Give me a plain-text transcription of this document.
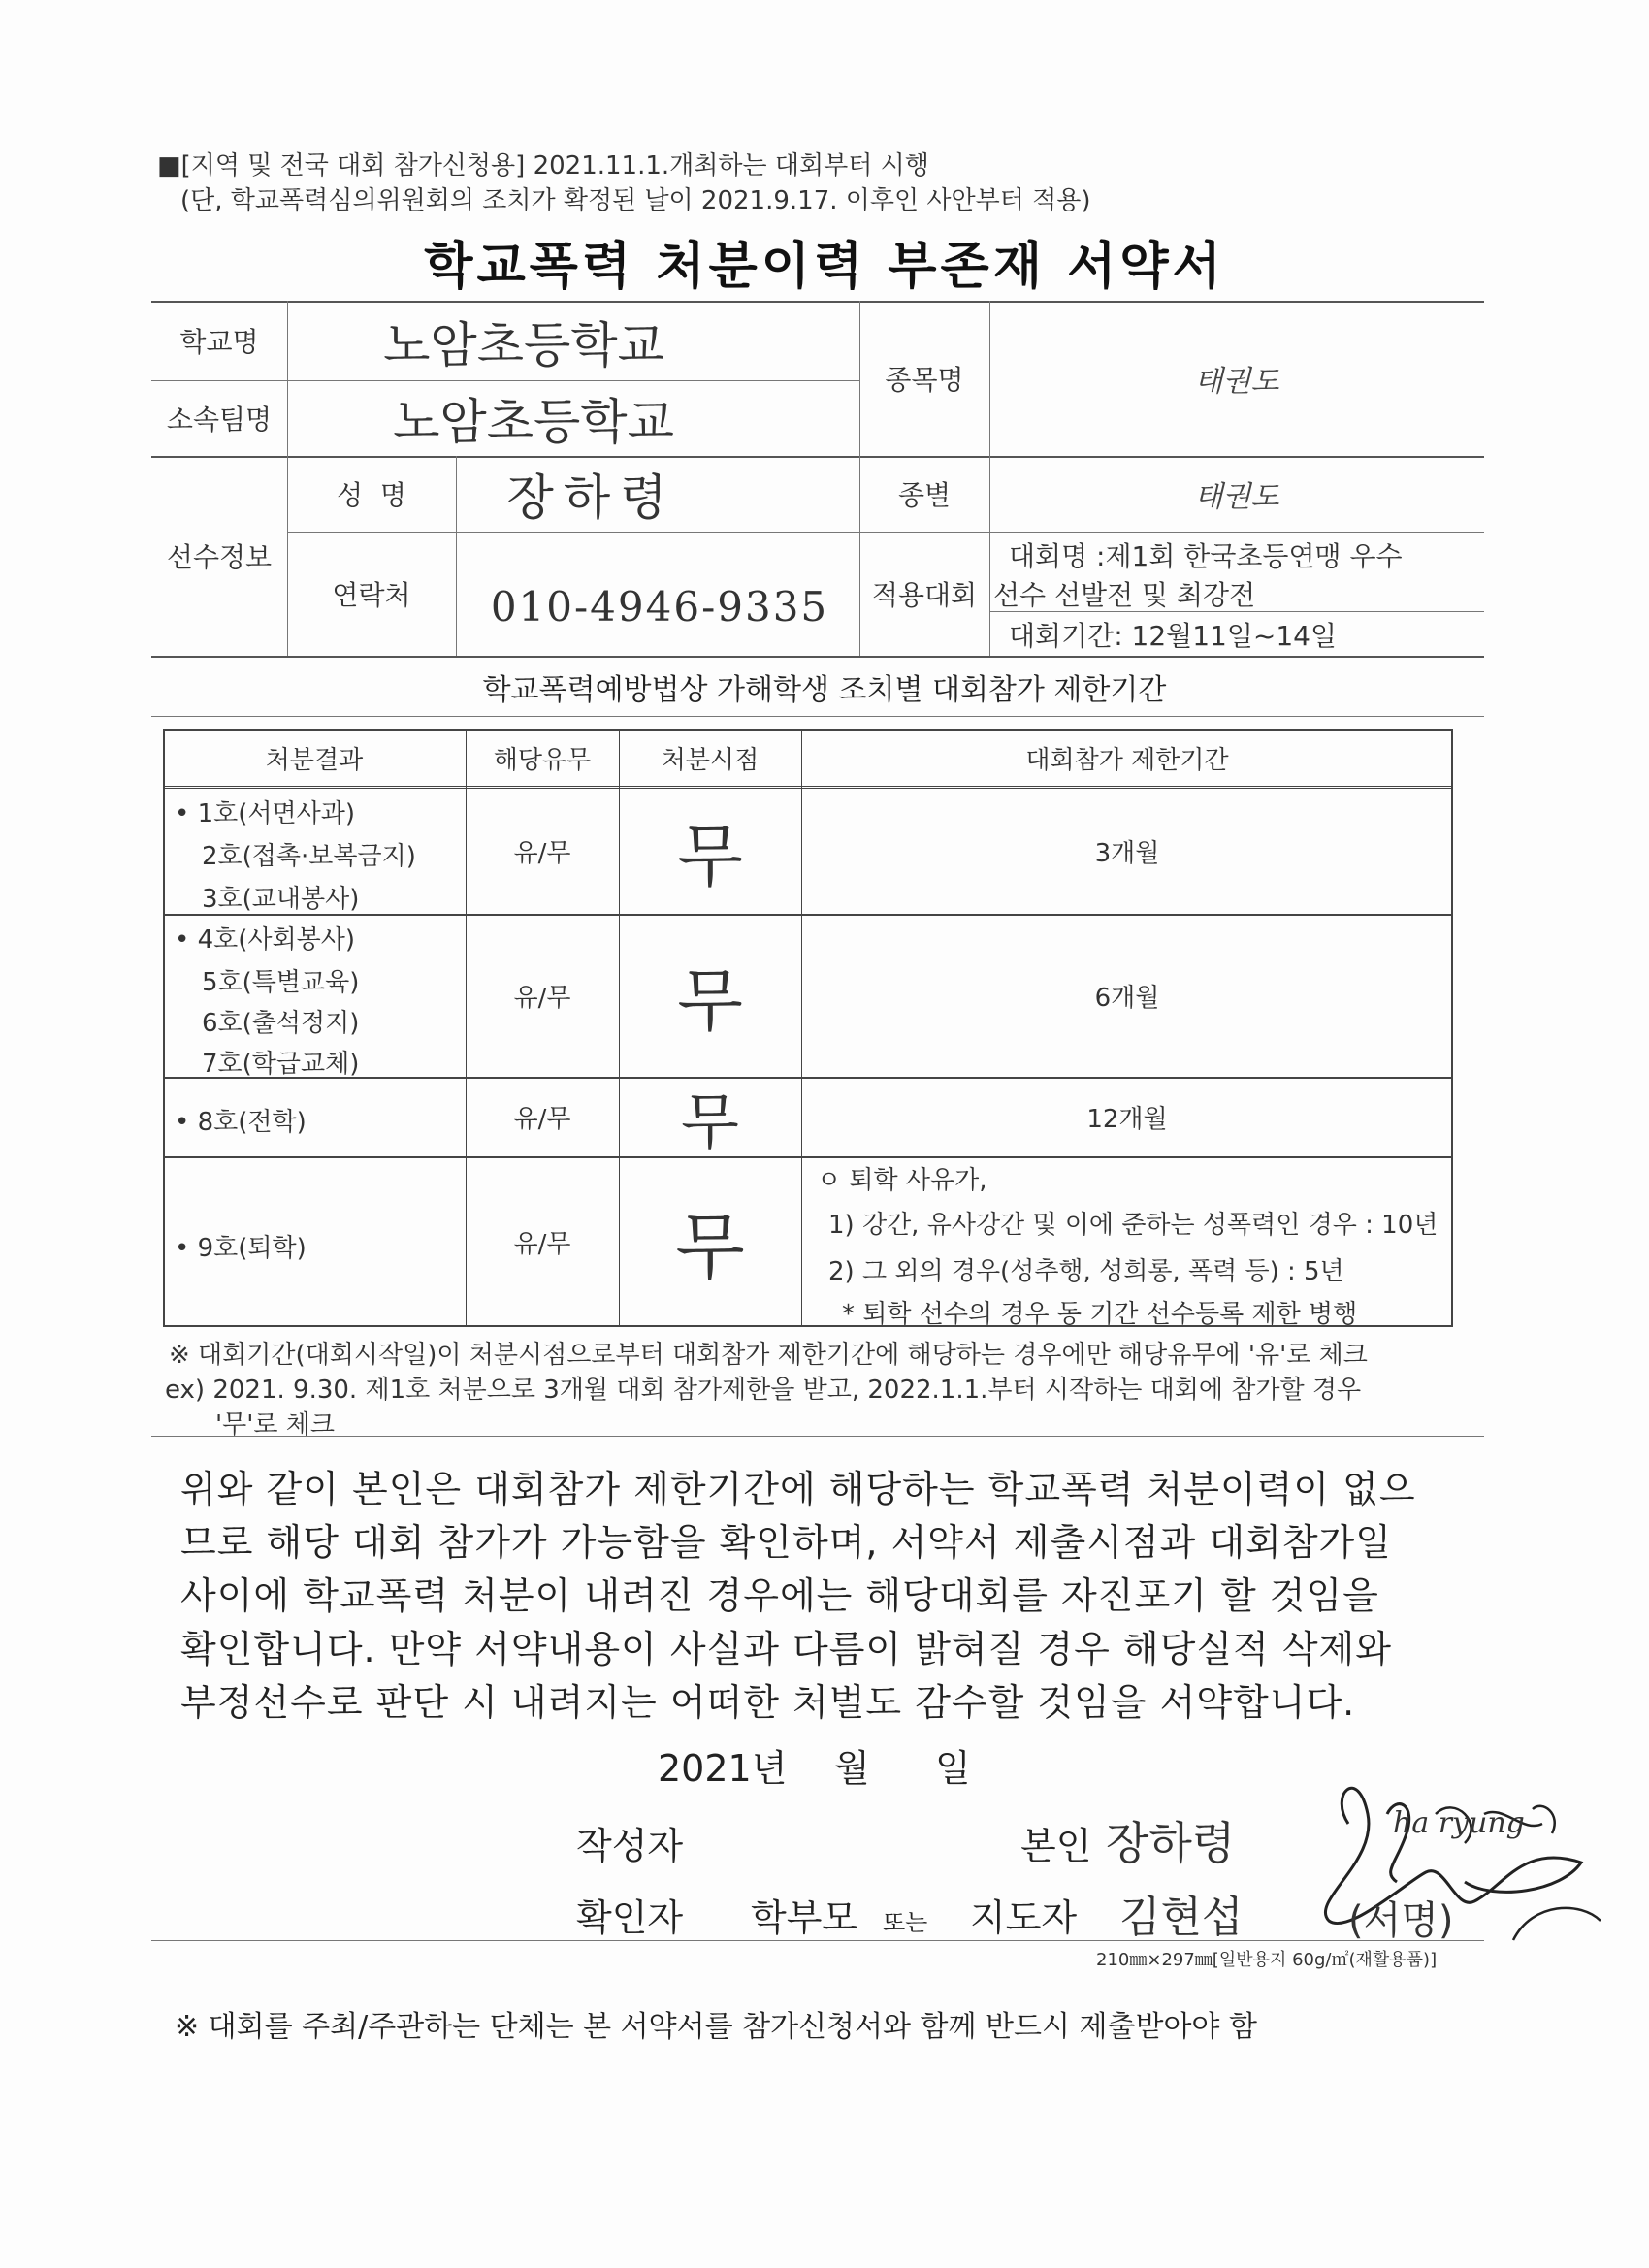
■[지역 및 전국 대회 참가신청용] 2021.11.1.개최하는 대회부터 시행
(단, 학교폭력심의위원회의 조치가 확정된 날이 2021.9.17. 이후인 사안부터 적용)
학교폭력 처분이력 부존재 서약서
학교명	노암초등학교
소속팀명	노암초등학교
종목명	태권도
선수정보
성  명	장하령
연락처	010-4946-9335
종별	태권도
적용대회
대회명 :제1회 한국초등연맹 우수
선수 선발전 및 최강전
대회기간: 12월11일~14일
학교폭력예방법상 가해학생 조치별 대회참가 제한기간
처분결과	해당유무	처분시점	대회참가 제한기간
• 1호(서면사과)
2호(접촉·보복금지)
3호(교내봉사)
유/무	무	3개월
• 4호(사회봉사)
5호(특별교육)
6호(출석정지)
7호(학급교체)
유/무	무	6개월
• 8호(전학)	유/무	무	12개월
• 9호(퇴학)	유/무	무
ㅇ 퇴학 사유가,
1) 강간, 유사강간 및 이에 준하는 성폭력인 경우 : 10년
2) 그 외의 경우(성추행, 성희롱, 폭력 등) : 5년
* 퇴학 선수의 경우 동 기간 선수등록 제한 병행
※ 대회기간(대회시작일)이 처분시점으로부터 대회참가 제한기간에 해당하는 경우에만 해당유무에 '유'로 체크
ex) 2021. 9.30. 제1호 처분으로 3개월 대회 참가제한을 받고, 2022.1.1.부터 시작하는 대회에 참가할 경우
'무'로 체크
위와 같이 본인은 대회참가 제한기간에 해당하는 학교폭력 처분이력이 없으
므로 해당 대회 참가가 가능함을 확인하며, 서약서 제출시점과 대회참가일
사이에 학교폭력 처분이 내려진 경우에는 해당대회를 자진포기 할 것임을
확인합니다. 만약 서약내용이 사실과 다름이 밝혀질 경우 해당실적 삭제와
부정선수로 판단 시 내려지는 어떠한 처벌도 감수할 것임을 서약합니다.
2021년 월 일
작성자	본인 장하령
확인자 학부모 또는 지도자 김현섭
ha ryung
(서명)
210㎜×297㎜[일반용지 60g/㎡(재활용품)]
※ 대회를 주최/주관하는 단체는 본 서약서를 참가신청서와 함께 반드시 제출받아야 함
